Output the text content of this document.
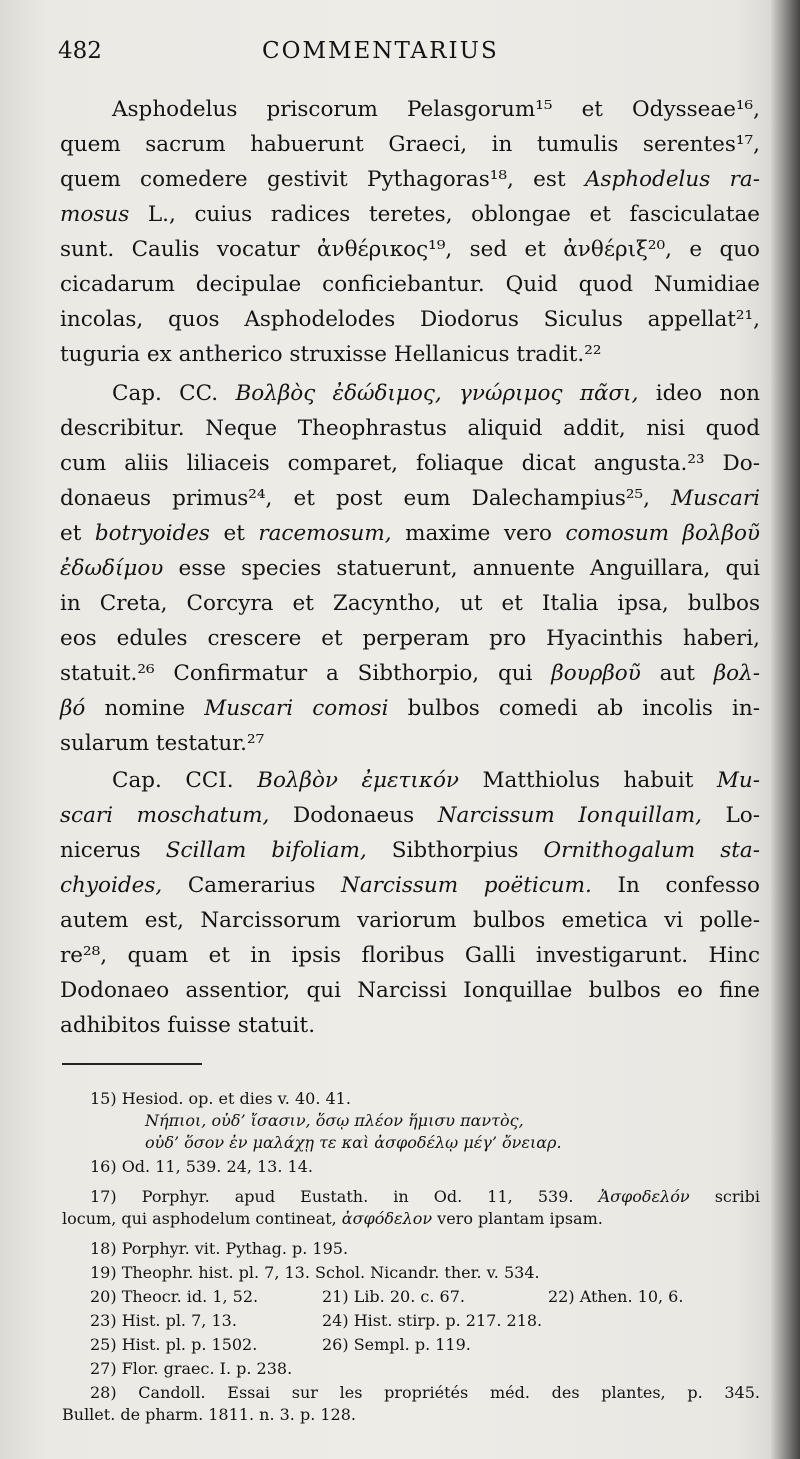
482	COMMENTARIUS
Asphodelus priscorum Pelasgorum¹⁵ et Odysseae¹⁶,
quem sacrum habuerunt Graeci, in tumulis serentes¹⁷,
quem comedere gestivit Pythagoras¹⁸, est Asphodelus ra-
mosus L., cuius radices teretes, oblongae et fasciculatae
sunt. Caulis vocatur ἀνθέρικος¹⁹, sed et ἀνθέριξ²⁰, e quo
cicadarum decipulae conficiebantur. Quid quod Numidiae
incolas, quos Asphodelodes Diodorus Siculus appellat²¹,
tuguria ex antherico struxisse Hellanicus tradit.²²
Cap. CC. Βολβὸς ἐδώδιμος, γνώριμος πᾶσι, ideo non
describitur. Neque Theophrastus aliquid addit, nisi quod
cum aliis liliaceis comparet, foliaque dicat angusta.²³ Do-
donaeus primus²⁴, et post eum Dalechampius²⁵, Muscari
et botryoides et racemosum, maxime vero comosum βολβοῦ
ἐδωδίμου esse species statuerunt, annuente Anguillara, qui
in Creta, Corcyra et Zacyntho, ut et Italia ipsa, bulbos
eos edules crescere et perperam pro Hyacinthis haberi,
statuit.²⁶ Confirmatur a Sibthorpio, qui βουρβοῦ aut βολ-
βό nomine Muscari comosi bulbos comedi ab incolis in-
sularum testatur.²⁷
Cap. CCI. Βολβὸν ἐμετικόν Matthiolus habuit Mu-
scari moschatum, Dodonaeus Narcissum Ionquillam, Lo-
nicerus Scillam bifoliam, Sibthorpius Ornithogalum sta-
chyoides, Camerarius Narcissum poëticum. In confesso
autem est, Narcissorum variorum bulbos emetica vi polle-
re²⁸, quam et in ipsis floribus Galli investigarunt. Hinc
Dodonaeo assentior, qui Narcissi Ionquillae bulbos eo fine
adhibitos fuisse statuit.
15) Hesiod. op. et dies v. 40. 41.
Νήπιοι, οὐδ’ ἴσασιν, ὅσῳ πλέον ἥμισυ παντὸς,
οὐδ’ ὅσον ἐν μαλάχῃ τε καὶ ἀσφοδέλῳ μέγ’ ὄνειαρ.
16) Od. 11, 539. 24, 13. 14.
17) Porphyr. apud Eustath. in Od. 11, 539. Ἀσφοδελόν scribi
locum, qui asphodelum contineat, ἀσφόδελον vero plantam ipsam.
18) Porphyr. vit. Pythag. p. 195.
19) Theophr. hist. pl. 7, 13. Schol. Nicandr. ther. v. 534.
20) Theocr. id. 1, 52.	21) Lib. 20. c. 67.	22) Athen. 10, 6.
23) Hist. pl. 7, 13.	24) Hist. stirp. p. 217. 218.
25) Hist. pl. p. 1502.	26) Sempl. p. 119.
27) Flor. graec. I. p. 238.
28) Candoll. Essai sur les propriétés méd. des plantes, p. 345.
Bullet. de pharm. 1811. n. 3. p. 128.
